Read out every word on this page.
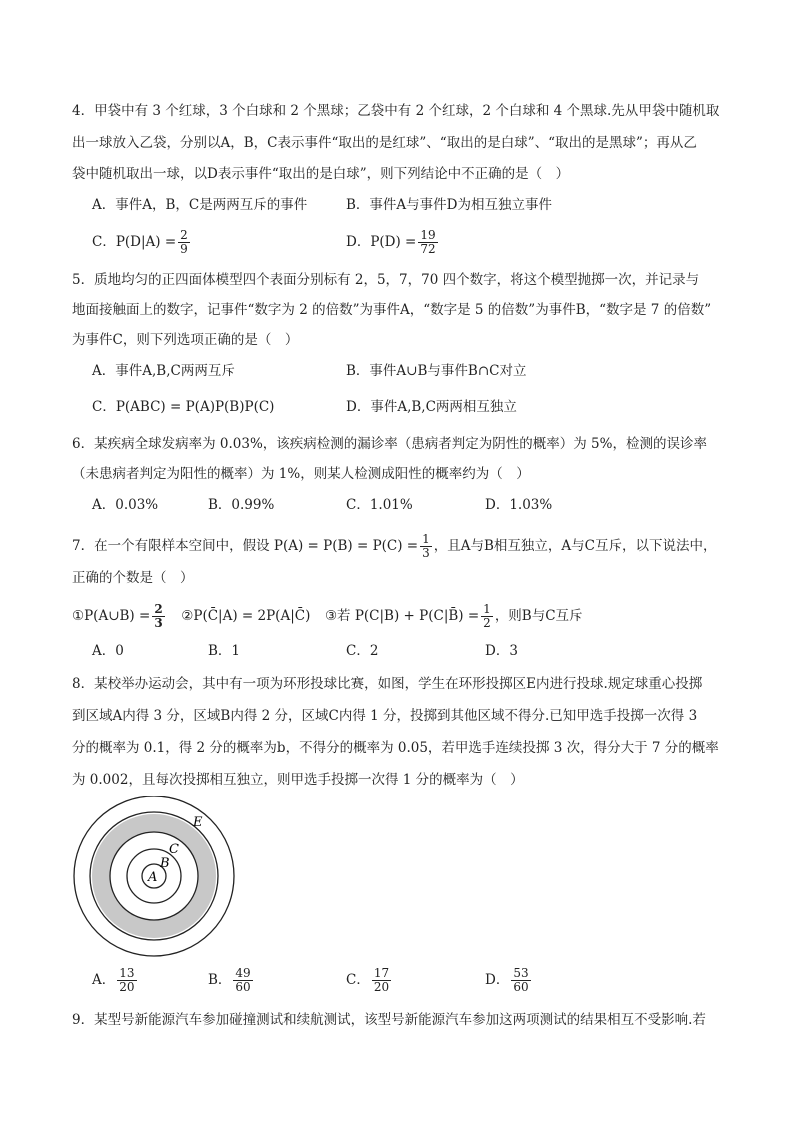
4．甲袋中有 3 个红球，3 个白球和 2 个黑球；乙袋中有 2 个红球，2 个白球和 4 个黑球.先从甲袋中随机取
出一球放入乙袋，分别以A，B，C表示事件“取出的是红球”、“取出的是白球”、“取出的是黑球”；再从乙
袋中随机取出一球，以D表示事件“取出的是白球”，则下列结论中不正确的是（　）
A．事件A，B，C是两两互斥的事件	B．事件A与事件D为相互独立事件
C．$P(D|A) = \frac{2}{9}$	D．$P(D) = \frac{19}{72}$
5．质地均匀的正四面体模型四个表面分别标有 2，5，7，70 四个数字，将这个模型抛掷一次，并记录与
地面接触面上的数字，记事件“数字为 2 的倍数”为事件A，“数字是 5 的倍数”为事件B，“数字是 7 的倍数”
为事件C，则下列选项正确的是（　）
A．事件A,B,C两两互斥	B．事件A∪B与事件B∩C对立
C．P(ABC) = P(A)P(B)P(C)	D．事件A,B,C两两相互独立
6．某疾病全球发病率为 0.03%，该疾病检测的漏诊率（患病者判定为阴性的概率）为 5%，检测的误诊率
（未患病者判定为阳性的概率）为 1%，则某人检测成阳性的概率约为（　）
A．0.03%	B．0.99%	C．1.01%	D．1.03%
7．在一个有限样本空间中，假设 $P(A) = P(B) = P(C) = \frac{1}{3}$ ，且A与B相互独立，A与C互斥，以下说法中，
正确的个数是（　）
①P(A∪B) = $\frac{2}{3}$ ②P(C̄|A) = 2P(A|C̄) ③若 P(C|B) + P(C|B̄) = $\frac{1}{2}$ ，则B与C互斥
A．0	B．1	C．2	D．3
8．某校举办运动会，其中有一项为环形投球比赛，如图，学生在环形投掷区E内进行投球.规定球重心投掷
到区域A内得 3 分，区域B内得 2 分，区域C内得 1 分，投掷到其他区域不得分.已知甲选手投掷一次得 3
分的概率为 0.1，得 2 分的概率为b，不得分的概率为 0.05，若甲选手连续投掷 3 次，得分大于 7 分的概率
为 0.002，且每次投掷相互独立，则甲选手投掷一次得 1 分的概率为（　）
E
C
B
A
A． $\frac{13}{20}$	B． $\frac{49}{60}$	C． $\frac{17}{20}$	D． $\frac{53}{60}$
9．某型号新能源汽车参加碰撞测试和续航测试，该型号新能源汽车参加这两项测试的结果相互不受影响.若
